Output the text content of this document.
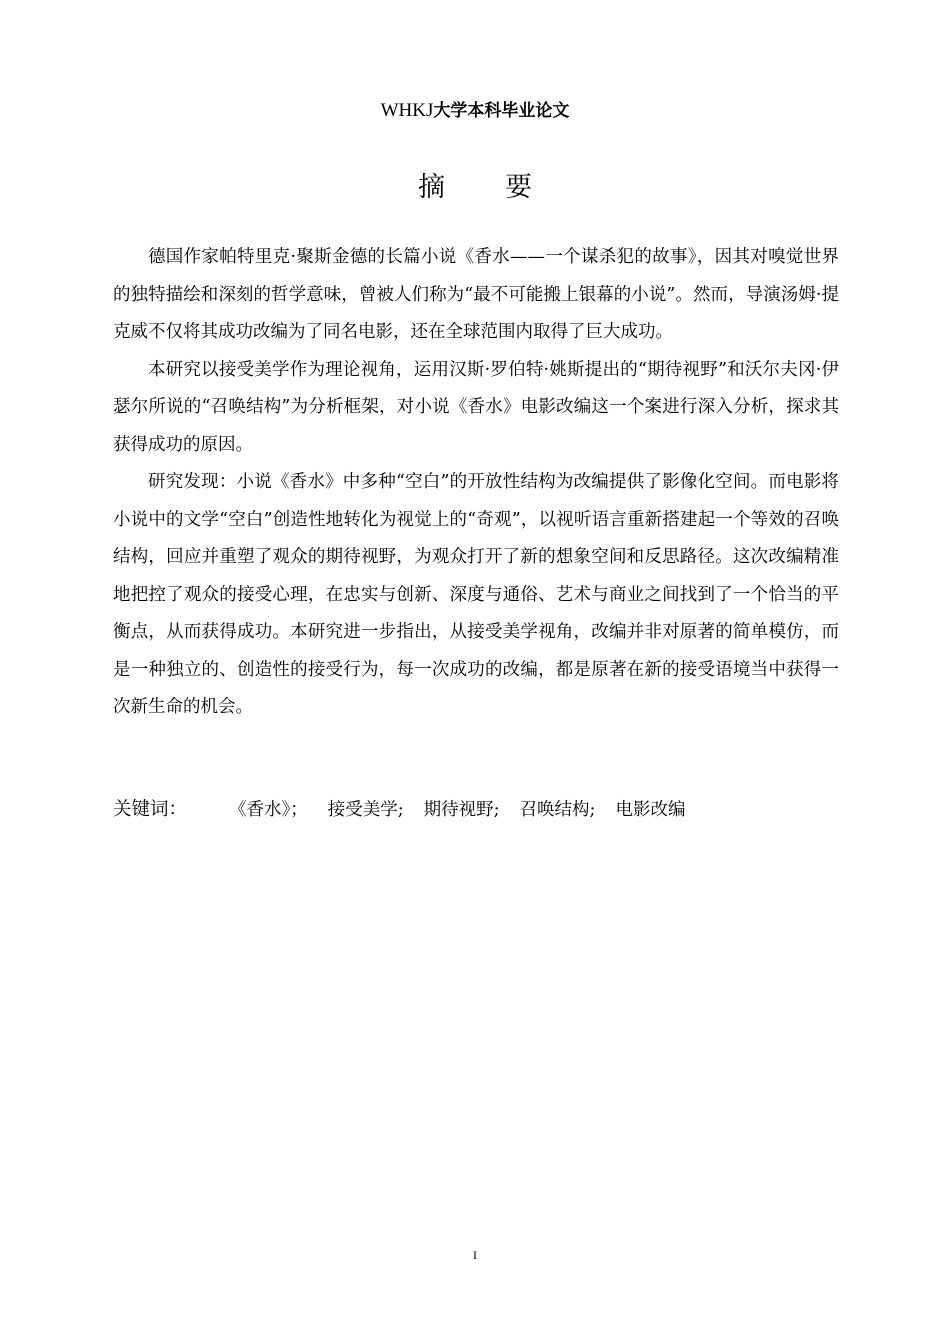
WHKJ大学本科毕业论文
摘 要

德国作家帕特里克·聚斯金德的长篇小说《香水——一个谋杀犯的故事》，因其对嗅觉世界的独特描绘和深刻的哲学意味，曾被人们称为“最不可能搬上银幕的小说”。然而，导演汤姆·提克威不仅将其成功改编为了同名电影，还在全球范围内取得了巨大成功。

本研究以接受美学作为理论视角，运用汉斯·罗伯特·姚斯提出的“期待视野”和沃尔夫冈·伊瑟尔所说的“召唤结构”为分析框架，对小说《香水》电影改编这一个案进行深入分析，探求其获得成功的原因。

研究发现：小说《香水》中多种“空白”的开放性结构为改编提供了影像化空间。而电影将小说中的文学“空白”创造性地转化为视觉上的“奇观”，以视听语言重新搭建起一个等效的召唤结构，回应并重塑了观众的期待视野，为观众打开了新的想象空间和反思路径。这次改编精准地把控了观众的接受心理，在忠实与创新、深度与通俗、艺术与商业之间找到了一个恰当的平衡点，从而获得成功。本研究进一步指出，从接受美学视角，改编并非对原著的简单模仿，而是一种独立的、创造性的接受行为，每一次成功的改编，都是原著在新的接受语境当中获得一次新生命的机会。

关键词： 《香水》； 接受美学; 期待视野; 召唤结构; 电影改编
I
